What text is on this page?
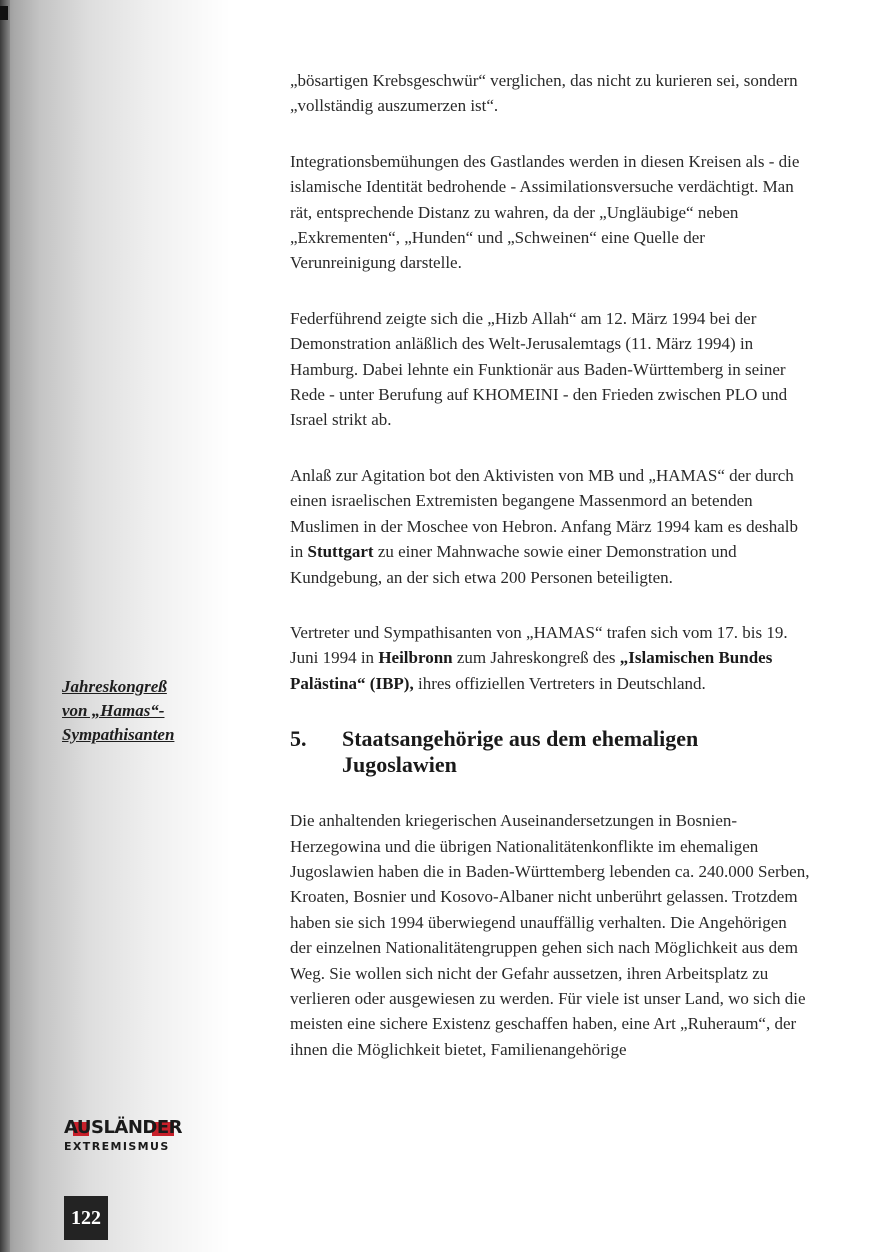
„bösartigen Krebsgeschwür“ verglichen, das nicht zu kurieren sei, sondern „vollständig auszumerzen ist“.

Integrationsbemühungen des Gastlandes werden in diesen Kreisen als - die islamische Identität bedrohende - Assimilationsversuche verdächtigt. Man rät, entsprechende Distanz zu wahren, da der „Ungläubige“ neben „Exkrementen“, „Hunden“ und „Schweinen“ eine Quelle der Verunreinigung darstelle.

Federführend zeigte sich die „Hizb Allah“ am 12. März 1994 bei der Demonstration anläßlich des Welt-Jerusalemtags (11. März 1994) in Hamburg. Dabei lehnte ein Funktionär aus Baden-Württemberg in seiner Rede - unter Berufung auf KHOMEINI - den Frieden zwischen PLO und Israel strikt ab.

Anlaß zur Agitation bot den Aktivisten von MB und „HAMAS“ der durch einen israelischen Extremisten begangene Massenmord an betenden Muslimen in der Moschee von Hebron. Anfang März 1994 kam es deshalb in Stuttgart zu einer Mahnwache sowie einer Demonstration und Kundgebung, an der sich etwa 200 Personen beteiligten.

Vertreter und Sympathisanten von „HAMAS“ trafen sich vom 17. bis 19. Juni 1994 in Heilbronn zum Jahreskongreß des „Islamischen Bundes Palästina“ (IBP), ihres offiziellen Vertreters in Deutschland.

5.	Staatsangehörige aus dem ehemaligen Jugoslawien

Die anhaltenden kriegerischen Auseinandersetzungen in Bosnien-Herzegowina und die übrigen Nationalitätenkonflikte im ehemaligen Jugoslawien haben die in Baden-Württemberg lebenden ca. 240.000 Serben, Kroaten, Bosnier und Kosovo-Albaner nicht unberührt gelassen. Trotzdem haben sie sich 1994 überwiegend unauffällig verhalten. Die Angehörigen der einzelnen Nationalitätengruppen gehen sich nach Möglichkeit aus dem Weg. Sie wollen sich nicht der Gefahr aussetzen, ihren Arbeitsplatz zu verlieren oder ausgewiesen zu werden. Für viele ist unser Land, wo sich die meisten eine sichere Existenz geschaffen haben, eine Art „Ruheraum“, der ihnen die Möglichkeit bietet, Familienangehörige

Jahreskongreß
von „Hamas“-
Sympathisanten
AUSLÄNDER
EXTREMISMUS
122
